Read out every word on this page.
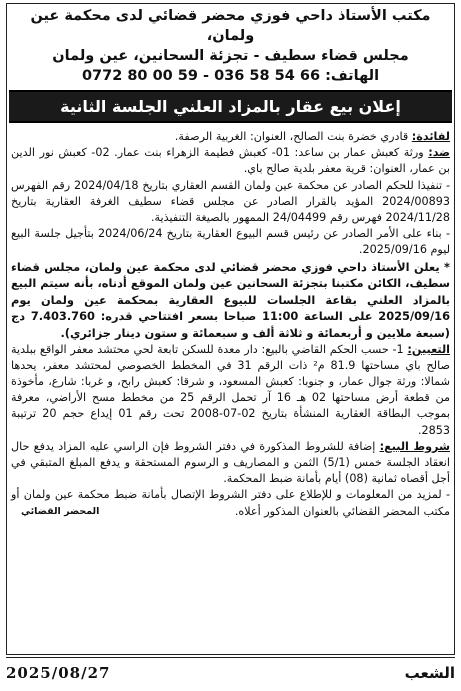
مكتب الأستاذ داحي فوزي محضر قضائي لدى محكمة عين ولمان،
مجلس قضاء سطيف - تجزئة السحانين، عين ولمان
الهاتف: 0772 80 00 59 - 036 58 54 66
إعلان بيع عقار بالمزاد العلني الجلسة الثانية

لفائدة: قادري خضرة بنت الصالح، العنوان: الغربية الرصفة.

ضد: ورثة كعبش عمار بن ساعد: 01- كعبش فطيمة الزهراء بنت عمار. 02- كعبش نور الدين بن عمار، العنوان: قرية معفر بلدية صالح باي.

- تنفيذا للحكم الصادر عن محكمة عين ولمان القسم العقاري بتاريخ 2024/04/18 رقم الفهرس 2024/00893 المؤيد بالقرار الصادر عن مجلس قضاء سطيف الغرفة العقارية بتاريخ 2024/11/28 فهرس رقم 24/04499 الممهور بالصيغة التنفيذية.

- بناء على الأمر الصادر عن رئيس قسم البيوع العقارية بتاريخ 2024/06/24 بتأجيل جلسة البيع ليوم 2025/09/16.

* يعلن الأستاذ داحي فوزي محضر قضائي لدى محكمة عين ولمان، مجلس قضاء سطيف، الكائن مكتبنا بتجزئة السحانين عين ولمان الموقع أدناه، بأنه سيتم البيع بالمزاد العلني بقاعة الجلسات للبيوع العقارية بمحكمة عين ولمان يوم 2025/09/16 على الساعة 11:00 صباحا بسعر افتتاحي قدره: 7.403.760 دج (سبعة ملايين و أربعمائة و ثلاثة ألف و سبعمائة و ستون دينار جزائري).

التعيين: 1- حسب الحكم القاضي بالبيع: دار معدة للسكن تابعة لحي محتشد معفر الواقع ببلدية صالح باي مساحتها 81.9 م² ذات الرقم 31 في المخطط الخصوصي لمحتشد معفر، يحدها شمالا: ورثة جوال عمار، و جنوبا: كعبش المسعود، و شرقا: كعبش رابح، و غربا: شارع، مأخوذة من قطعة أرض مساحتها 02 هـ 16 آر تحمل الرقم 25 من مخطط مسح الأراضي، معرفة بموجب البطاقة العقارية المنشأة بتاريخ 02-07-2008 تحت رقم 01 إيداع حجم 20 ترتيبة 2853.

شروط البيع: إضافة للشروط المذكورة في دفتر الشروط فإن الراسي عليه المزاد يدفع حال انعقاد الجلسة خمس (5/1) الثمن و المصاريف و الرسوم المستحقة و يدفع المبلغ المتبقي في أجل أقصاه ثمانية (08) أيام بأمانة ضبط المحكمة.

- لمزيد من المعلومات و للإطلاع على دفتر الشروط الإتصال بأمانة ضبط محكمة عين ولمان أو مكتب المحضر القضائي بالعنوان المذكور أعلاه.
المحضر القضائي

الشعب
2025/08/27
